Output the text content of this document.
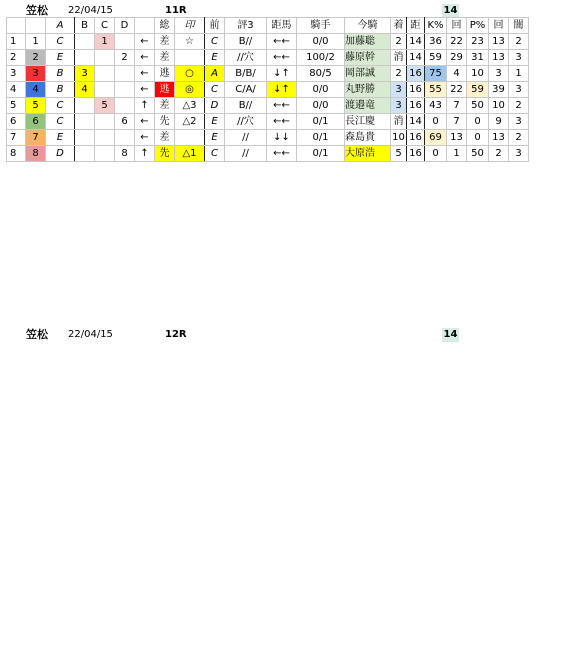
笠松 22/04/15	11R	14
		A	B	C	D		総	印	前	評3	距馬	騎手	今騎	着	距	K%	回	P%	回	闇
1	1	C		1		←	差	☆	C	B//	←←	0/0	加藤聡	2	14	36	22	23	13	2
2	2	E			2	←	差		E	//穴	←←	100/2	藤原幹	消	14	59	29	31	13	3
3	3	B	3			←	逃	○	A	B/B/	↓↑	80/5	岡部誠	2	16	75	4	10	3	1
4	4	B	4			←	逃	◎	C	C/A/	↓↑	0/0	丸野勝	3	16	55	22	59	39	3
5	5	C		5		↑	差	△3	D	B//	←←	0/0	渡邉竜	3	16	43	7	50	10	2
6	6	C			6	←	先	△2	E	//穴	←←	0/1	長江慶	消	14	0	7	0	9	3
7	7	E				←	差		E	//	↓↓	0/1	森島貴	10	16	69	13	0	13	2
8	8	D			8	↑	先	△1	C	//	←←	0/1	大原浩	5	16	0	1	50	2	3
笠松 22/04/15	12R	14
